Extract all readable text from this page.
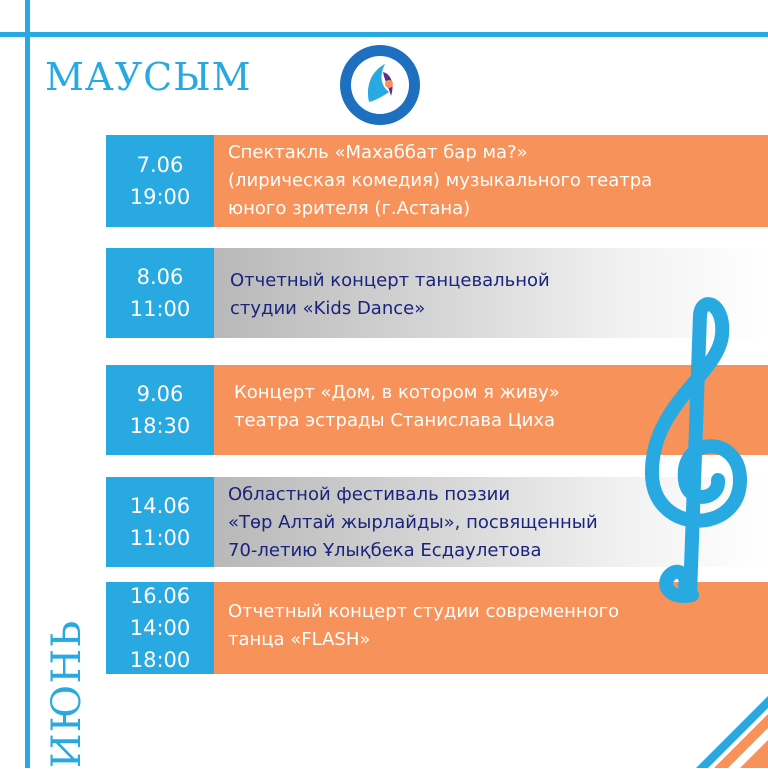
МАУСЫМ
ИЮНЬ
7.06
19:00
Спектакль «Махаббат бар ма?»
(лирическая комедия) музыкального театра
юного зрителя (г.Астана)
8.06
11:00
Отчетный концерт танцевальной
студии «Kids Dance»
9.06
18:30
Концерт «Дом, в котором я живу»
театра эстрады Станислава Циха
14.06
11:00
Областной фестиваль поэзии
«Төр Алтай жырлайды», посвященный
70-летию Ұлықбека Есдаулетова
16.06
14:00
18:00
Отчетный концерт студии современного
танца «FLASH»
